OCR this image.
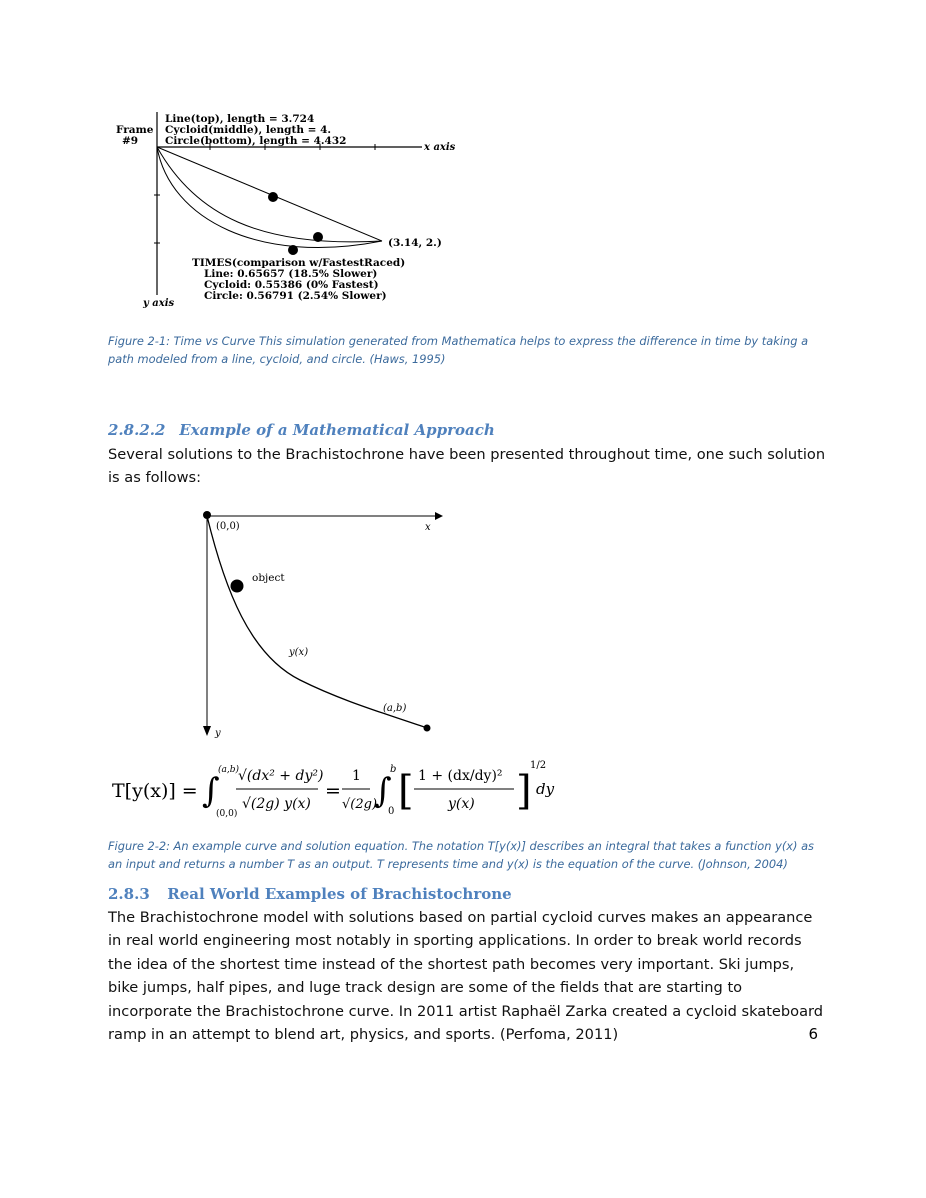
Frame
#9
Line(top), length = 3.724
Cycloid(middle), length = 4.
Circle(bottom), length = 4.432
x axis
y axis
(3.14, 2.)
TIMES(comparison w/FastestRaced)
Line: 0.65657 (18.5% Slower)
Cycloid: 0.55386 (0% Fastest)
Circle: 0.56791 (2.54% Slower)
Figure 2-1: Time vs Curve This simulation generated from Mathematica helps to express the difference in time by taking a path modeled from a line, cycloid, and circle. (Haws, 1995)
2.8.2.2 Example of a Mathematical Approach
Several solutions to the Brachistochrone have been presented throughout time, one such solution is as follows:
(0,0)	x
object
y(x)
(a,b)
y
T[y(x)] = ∫
(a,b)
(0,0)
√(dx² + dy²)
√(2g) y(x)
=
1
√(2g)
∫
b
0 [ 1 + (dx/dy)²
y(x) ]
1/2
dy
Figure 2-2: An example curve and solution equation. The notation T[y(x)] describes an integral that takes a function y(x) as an input and returns a number T as an output. T represents time and y(x) is the equation of the curve. (Johnson, 2004)
2.8.3 Real World Examples of Brachistochrone
The Brachistochrone model with solutions based on partial cycloid curves makes an appearance in real world engineering most notably in sporting applications. In order to break world records the idea of the shortest time instead of the shortest path becomes very important. Ski jumps, bike jumps, half pipes, and luge track design are some of the fields that are starting to incorporate the Brachistochrone curve. In 2011 artist Raphaël Zarka created a cycloid skateboard ramp in an attempt to blend art, physics, and sports. (Perfoma, 2011)	6
